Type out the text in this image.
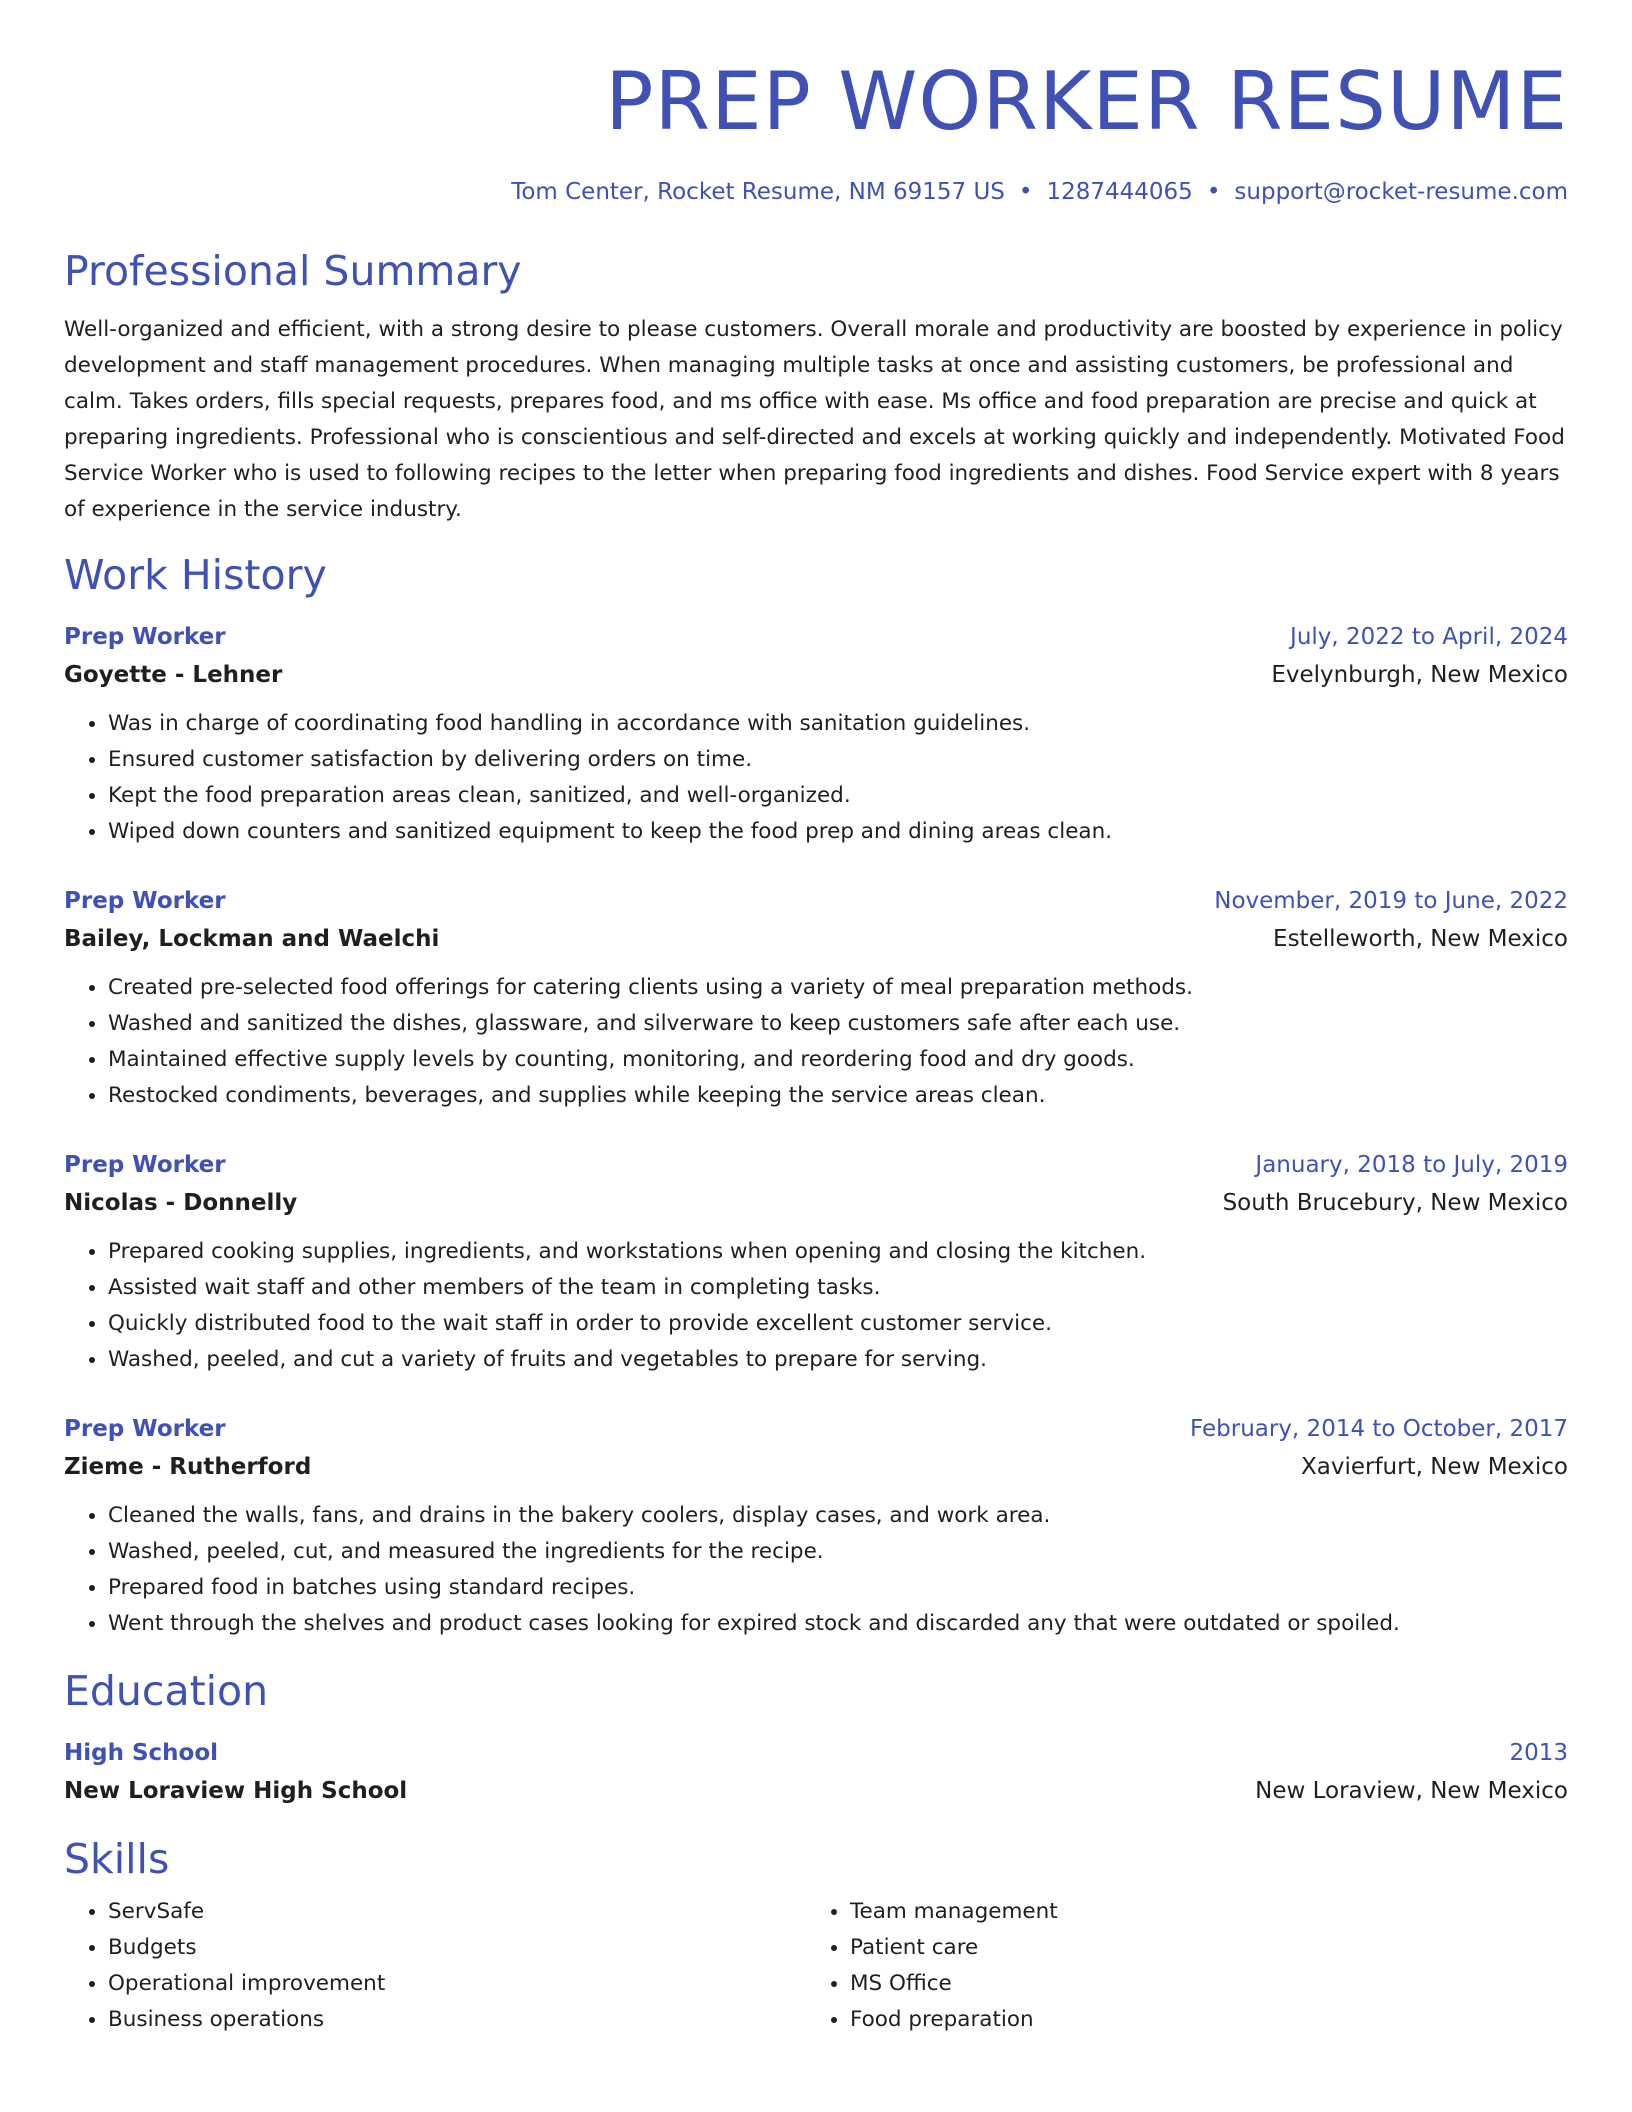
PREP WORKER RESUME
Tom Center, Rocket Resume, NM 69157 US • 1287444065 • support@rocket-resume.com
Professional Summary
Well-organized and efficient, with a strong desire to please customers. Overall morale and productivity are boosted by experience in policy development and staff management procedures. When managing multiple tasks at once and assisting customers, be professional and calm. Takes orders, fills special requests, prepares food, and ms office with ease. Ms office and food preparation are precise and quick at preparing ingredients. Professional who is conscientious and self-directed and excels at working quickly and independently. Motivated Food Service Worker who is used to following recipes to the letter when preparing food ingredients and dishes. Food Service expert with 8 years of experience in the service industry.
Work History
Prep Worker	July, 2022 to April, 2024
Goyette - Lehner	Evelynburgh, New Mexico
• Was in charge of coordinating food handling in accordance with sanitation guidelines.
• Ensured customer satisfaction by delivering orders on time.
• Kept the food preparation areas clean, sanitized, and well-organized.
• Wiped down counters and sanitized equipment to keep the food prep and dining areas clean.
Prep Worker	November, 2019 to June, 2022
Bailey, Lockman and Waelchi	Estelleworth, New Mexico
• Created pre-selected food offerings for catering clients using a variety of meal preparation methods.
• Washed and sanitized the dishes, glassware, and silverware to keep customers safe after each use.
• Maintained effective supply levels by counting, monitoring, and reordering food and dry goods.
• Restocked condiments, beverages, and supplies while keeping the service areas clean.
Prep Worker	January, 2018 to July, 2019
Nicolas - Donnelly	South Brucebury, New Mexico
• Prepared cooking supplies, ingredients, and workstations when opening and closing the kitchen.
• Assisted wait staff and other members of the team in completing tasks.
• Quickly distributed food to the wait staff in order to provide excellent customer service.
• Washed, peeled, and cut a variety of fruits and vegetables to prepare for serving.
Prep Worker	February, 2014 to October, 2017
Zieme - Rutherford	Xavierfurt, New Mexico
• Cleaned the walls, fans, and drains in the bakery coolers, display cases, and work area.
• Washed, peeled, cut, and measured the ingredients for the recipe.
• Prepared food in batches using standard recipes.
• Went through the shelves and product cases looking for expired stock and discarded any that were outdated or spoiled.
Education
High School	2013
New Loraview High School	New Loraview, New Mexico
Skills
• ServSafe
• Budgets
• Operational improvement
• Business operations
• Team management
• Patient care
• MS Office
• Food preparation
